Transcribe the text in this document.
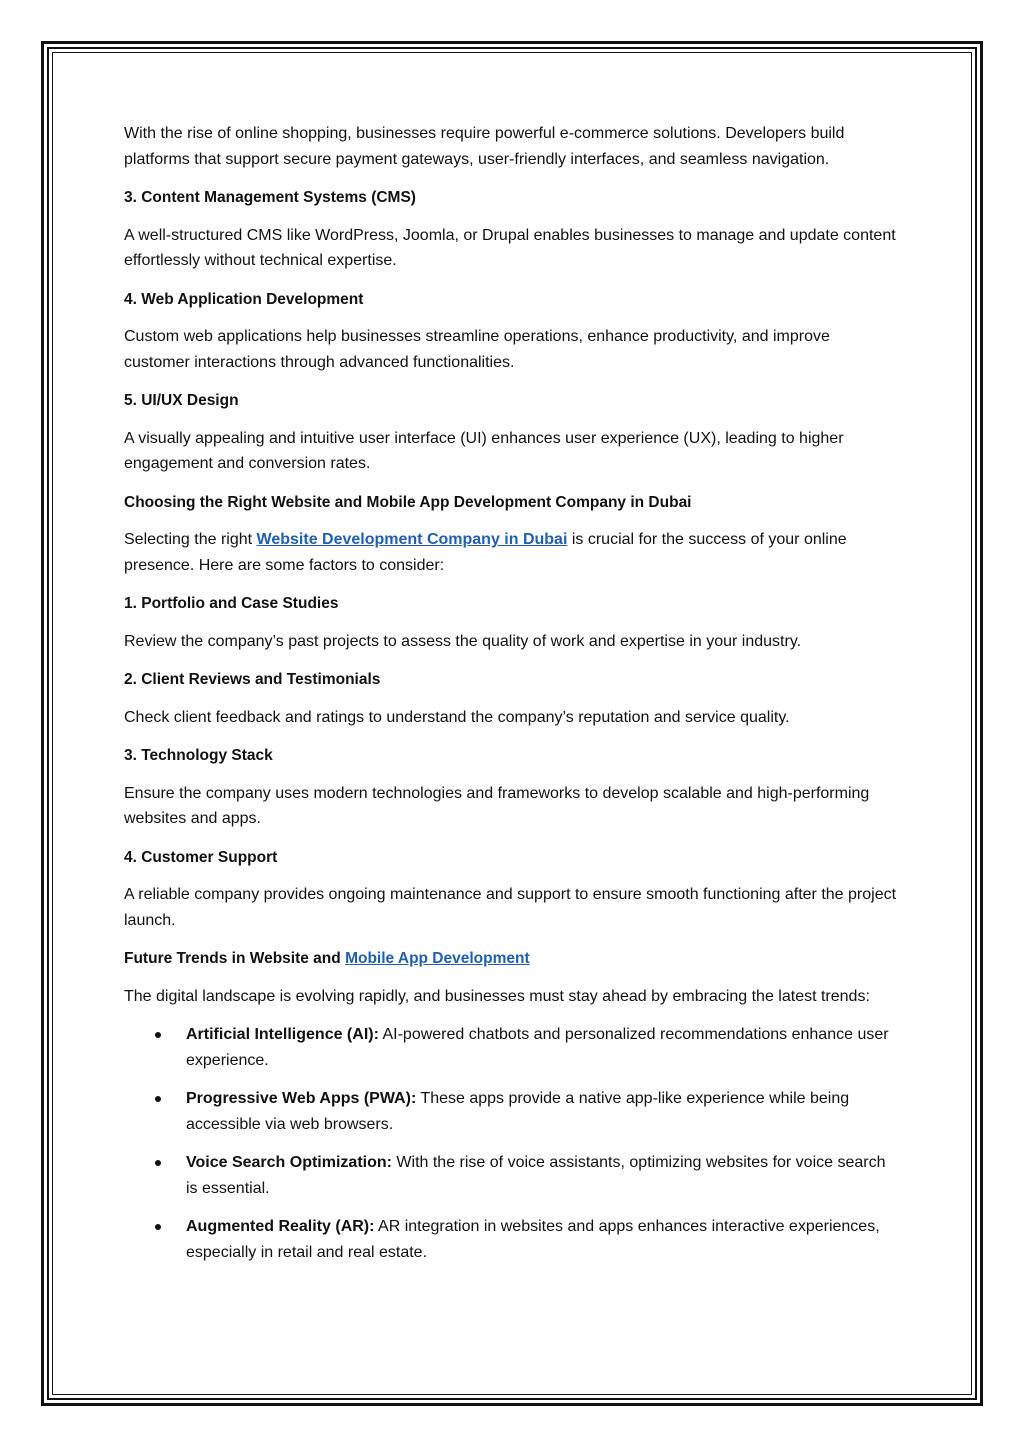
With the rise of online shopping, businesses require powerful e-commerce solutions. Developers build platforms that support secure payment gateways, user-friendly interfaces, and seamless navigation.

3. Content Management Systems (CMS)

A well-structured CMS like WordPress, Joomla, or Drupal enables businesses to manage and update content effortlessly without technical expertise.

4. Web Application Development

Custom web applications help businesses streamline operations, enhance productivity, and improve customer interactions through advanced functionalities.

5. UI/UX Design

A visually appealing and intuitive user interface (UI) enhances user experience (UX), leading to higher engagement and conversion rates.

Choosing the Right Website and Mobile App Development Company in Dubai

Selecting the right Website Development Company in Dubai is crucial for the success of your online presence. Here are some factors to consider:

1. Portfolio and Case Studies

Review the company’s past projects to assess the quality of work and expertise in your industry.

2. Client Reviews and Testimonials

Check client feedback and ratings to understand the company’s reputation and service quality.

3. Technology Stack

Ensure the company uses modern technologies and frameworks to develop scalable and high-performing websites and apps.

4. Customer Support

A reliable company provides ongoing maintenance and support to ensure smooth functioning after the project launch.

Future Trends in Website and Mobile App Development

The digital landscape is evolving rapidly, and businesses must stay ahead by embracing the latest trends:

Artificial Intelligence (AI): AI-powered chatbots and personalized recommendations enhance user experience.
Progressive Web Apps (PWA): These apps provide a native app-like experience while being accessible via web browsers.
Voice Search Optimization: With the rise of voice assistants, optimizing websites for voice search is essential.
Augmented Reality (AR): AR integration in websites and apps enhances interactive experiences, especially in retail and real estate.
